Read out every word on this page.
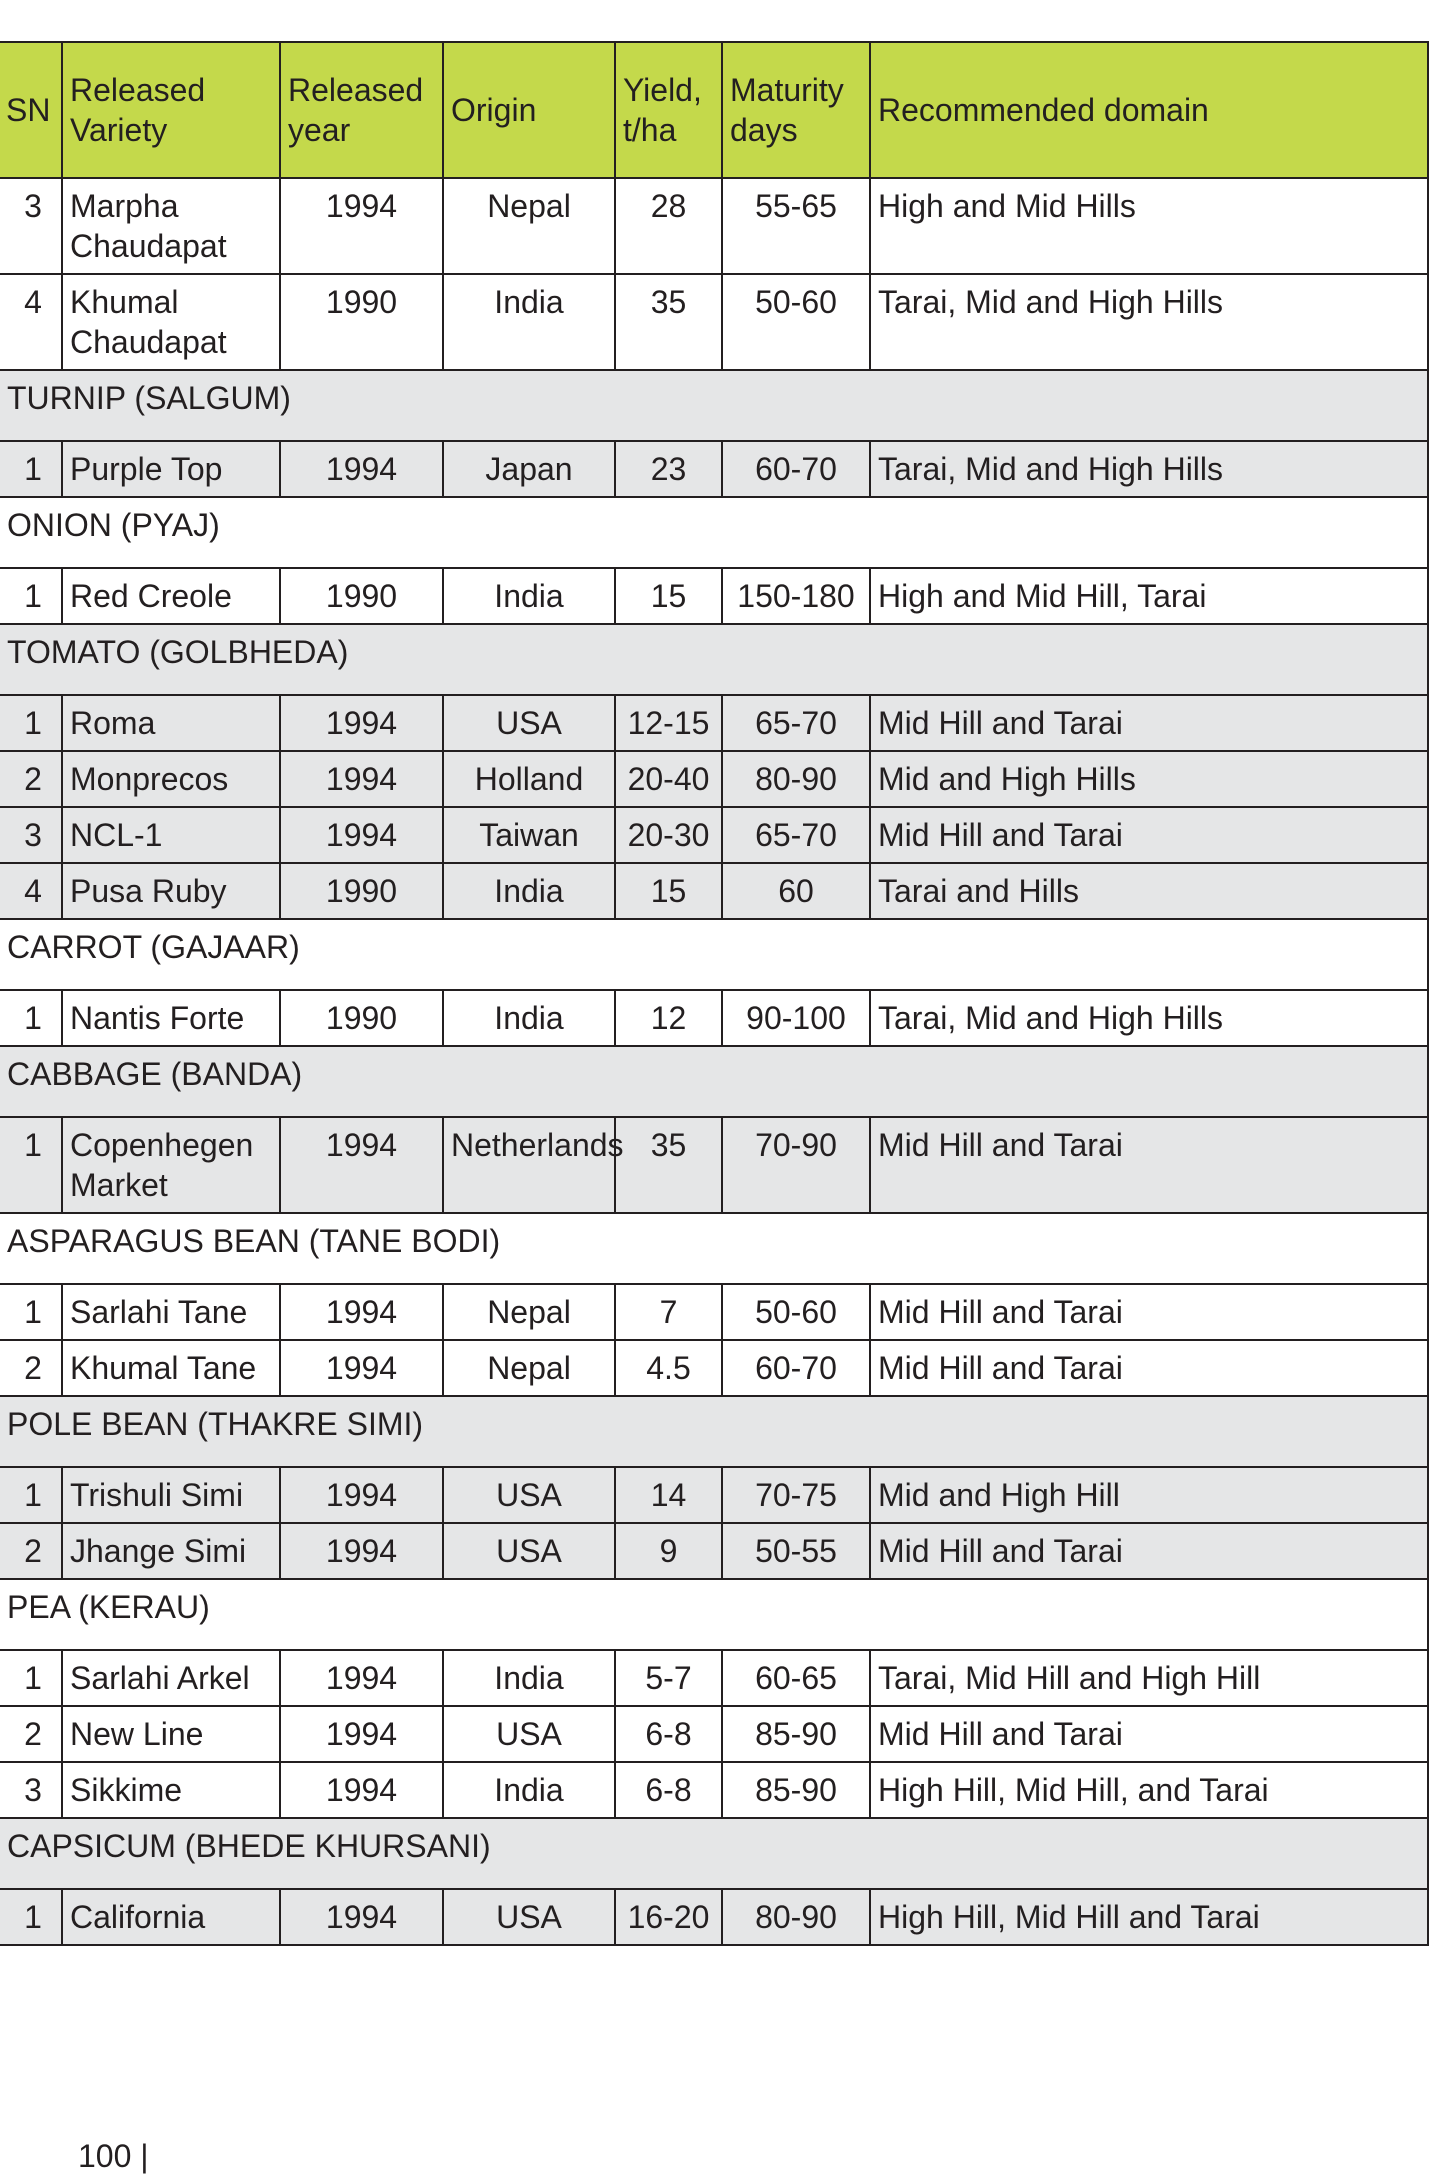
SN	Released Variety	Released year	Origin	Yield, t/ha	Maturity days	Recommended domain
3	Marpha Chaudapat	1994	Nepal	28	55-65	High and Mid Hills
4	Khumal Chaudapat	1990	India	35	50-60	Tarai, Mid and High Hills
TURNIP (SALGUM)						
1	Purple Top	1994	Japan	23	60-70	Tarai, Mid and High Hills
ONION (PYAJ)						
1	Red Creole	1990	India	15	150-180	High and Mid Hill, Tarai
TOMATO (GOLBHEDA)						
1	Roma	1994	USA	12-15	65-70	Mid Hill and Tarai
2	Monprecos	1994	Holland	20-40	80-90	Mid and High Hills
3	NCL-1	1994	Taiwan	20-30	65-70	Mid Hill and Tarai
4	Pusa Ruby	1990	India	15	60	Tarai and Hills
CARROT (GAJAAR)						
1	Nantis Forte	1990	India	12	90-100	Tarai, Mid and High Hills
CABBAGE (BANDA)						
1	Copenhegen Market	1994	Netherlands	35	70-90	Mid Hill and Tarai
ASPARAGUS BEAN (TANE BODI)						
1	Sarlahi Tane	1994	Nepal	7	50-60	Mid Hill and Tarai
2	Khumal Tane	1994	Nepal	4.5	60-70	Mid Hill and Tarai
POLE BEAN (THAKRE SIMI)						
1	Trishuli Simi	1994	USA	14	70-75	Mid and High Hill
2	Jhange Simi	1994	USA	9	50-55	Mid Hill and Tarai
PEA (KERAU)						
1	Sarlahi Arkel	1994	India	5-7	60-65	Tarai, Mid Hill and High Hill
2	New Line	1994	USA	6-8	85-90	Mid Hill and Tarai
3	Sikkime	1994	India	6-8	85-90	High Hill, Mid Hill, and Tarai
CAPSICUM (BHEDE KHURSANI)						
1	California	1994	USA	16-20	80-90	High Hill, Mid Hill and Tarai
100 |
